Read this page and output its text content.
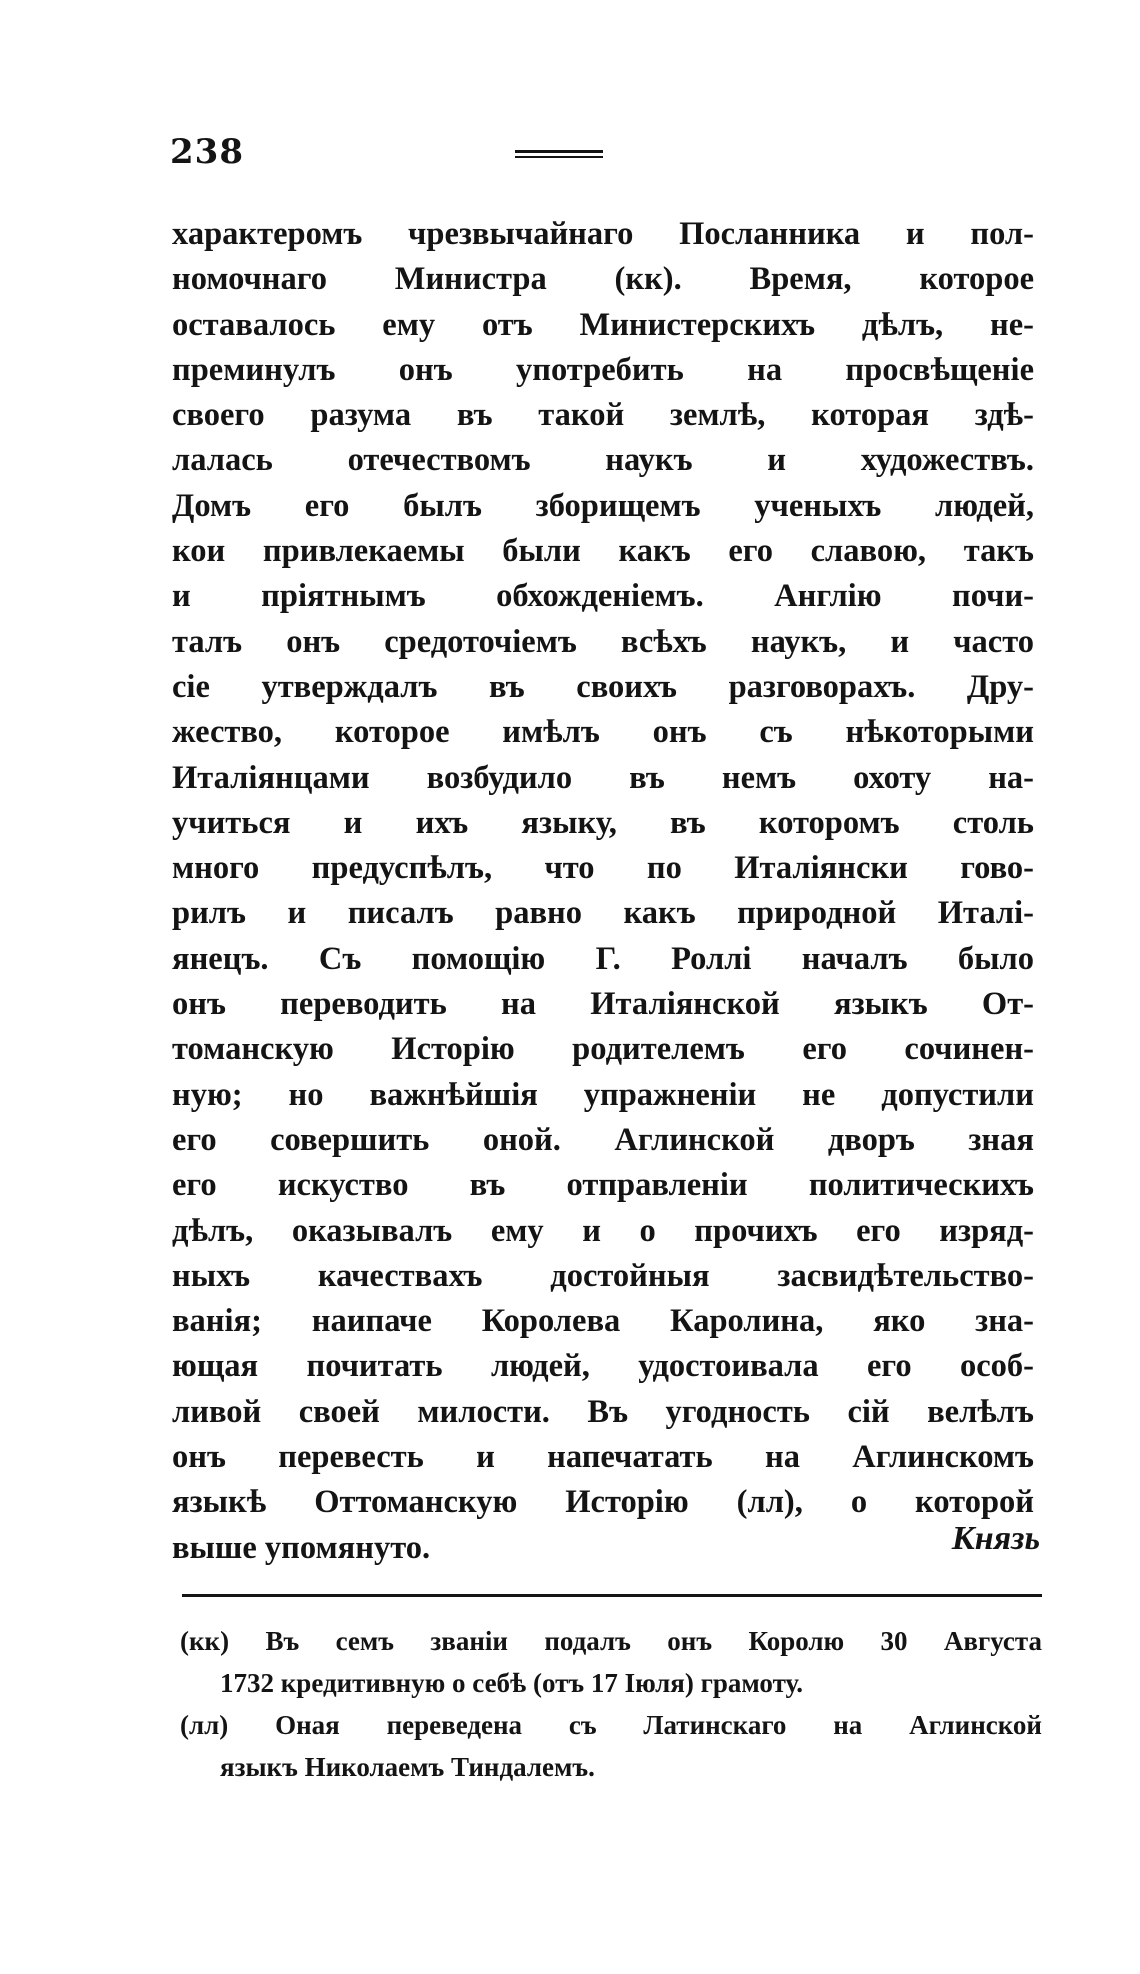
238
характеромъ чрезвычайнаго Посланника и пол-
номочнаго Министра (кк). Время, которое
оставалось ему отъ Министерскихъ дѣлъ, не-
преминулъ онъ употребить на просвѣщеніе
своего разума въ такой землѣ, которая здѣ-
лалась отечествомъ наукъ и художествъ.
Домъ его былъ зборищемъ ученыхъ людей,
кои привлекаемы были какъ его славою, такъ
и пріятнымъ обхожденіемъ. Англію почи-
талъ онъ средоточіемъ всѣхъ наукъ, и часто
сіе утверждалъ въ своихъ разговорахъ. Дру-
жество, которое имѣлъ онъ съ нѣкоторыми
Италіянцами возбудило въ немъ охоту на-
учиться и ихъ языку, въ которомъ столь
много предуспѣлъ, что по Италіянски гово-
рилъ и писалъ равно какъ природной Италі-
янецъ. Съ помощію Г. Роллі началъ было
онъ переводить на Италіянской языкъ От-
томанскую Исторію родителемъ его сочинен-
ную; но важнѣйшія упражненіи не допустили
его совершить оной. Аглинской дворъ зная
его искуство въ отправленіи политическихъ
дѣлъ, оказывалъ ему и о прочихъ его изряд-
ныхъ качествахъ достойныя засвидѣтельство-
ванія; наипаче Королева Каролина, яко зна-
ющая почитать людей, удостоивала его особ-
ливой своей милости. Въ угодность сій велѣлъ
онъ перевесть и напечатать на Аглинскомъ
языкѣ Оттоманскую Исторію (лл), о которой
выше упомянуто.	Князь
(кк) Въ семъ званіи подалъ онъ Королю 30 Августа
1732 кредитивную о себѣ (отъ 17 Іюля) грамоту.
(лл) Оная переведена съ Латинскаго на Аглинской
языкъ Николаемъ Тиндалемъ.
